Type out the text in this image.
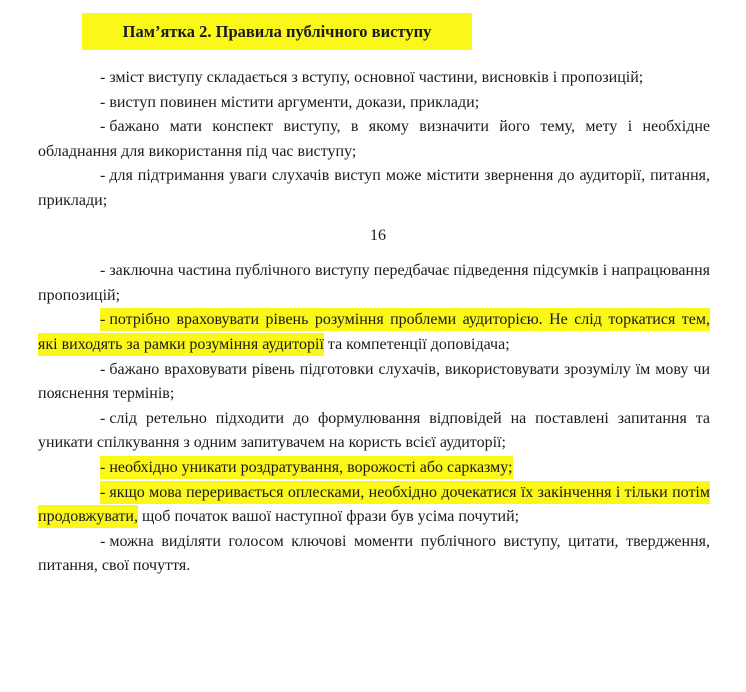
Пам’ятка 2. Правила публічного виступу

- зміст виступу складається з вступу, основної частини, висновків і пропозицій;

- виступ повинен містити аргументи, докази, приклади;

- бажано мати конспект виступу, в якому визначити його тему, мету і необхідне обладнання для використання під час виступу;

- для підтримання уваги слухачів виступ може містити звернення до аудиторії, питання, приклади;

16

- заключна частина публічного виступу передбачає підведення підсумків і напрацювання пропозицій;

- потрібно враховувати рівень розуміння проблеми аудиторією. Не слід торкатися тем, які виходять за рамки розуміння аудиторії та компетенції доповідача;

- бажано враховувати рівень підготовки слухачів, використовувати зрозумілу їм мову чи пояснення термінів;

- слід ретельно підходити до формулювання відповідей на поставлені запитання та уникати спілкування з одним запитувачем на користь всієї аудиторії;

- необхідно уникати роздратування, ворожості або сарказму;

- якщо мова переривається оплесками, необхідно дочекатися їх закінчення і тільки потім продовжувати, щоб початок вашої наступної фрази був усіма почутий;

- можна виділяти голосом ключові моменти публічного виступу, цитати, твердження, питання, свої почуття.
